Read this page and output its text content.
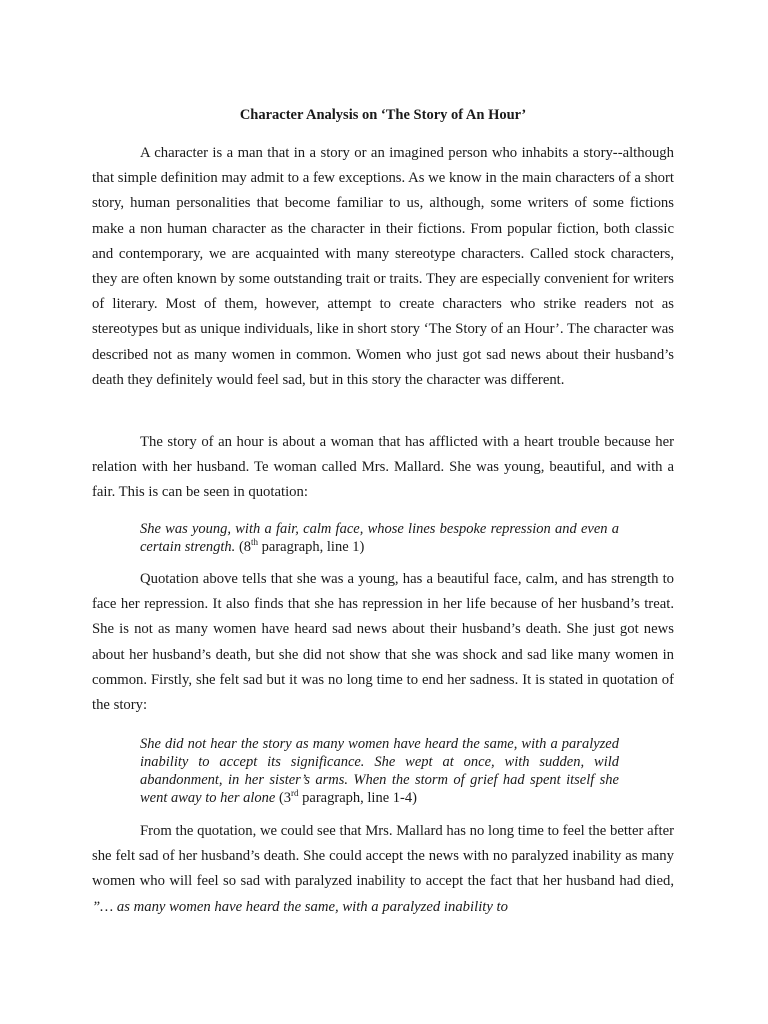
Character Analysis on ‘The Story of An Hour’

A character is a man that in a story or an imagined person who inhabits a story--although that simple definition may admit to a few exceptions. As we know in the main characters of a short story, human personalities that become familiar to us, although, some writers of some fictions make a non human character as the character in their fictions. From popular fiction, both classic and contemporary, we are acquainted with many stereotype characters. Called stock characters, they are often known by some outstanding trait or traits. They are especially convenient for writers of literary. Most of them, however, attempt to create characters who strike readers not as stereotypes but as unique individuals, like in short story ‘The Story of an Hour’. The character was described not as many women in common. Women who just got sad news about their husband’s death they definitely would feel sad, but in this story the character was different.

The story of an hour is about a woman that has afflicted with a heart trouble because her relation with her husband. Te woman called Mrs. Mallard. She was young, beautiful, and with a fair. This is can be seen in quotation:

She was young, with a fair, calm face, whose lines bespoke repression and even a certain strength. (8th paragraph, line 1)

Quotation above tells that she was a young, has a beautiful face, calm, and has strength to face her repression. It also finds that she has repression in her life because of her husband’s treat. She is not as many women have heard sad news about their husband’s death. She just got news about her husband’s death, but she did not show that she was shock and sad like many women in common. Firstly, she felt sad but it was no long time to end her sadness. It is stated in quotation of the story:

She did not hear the story as many women have heard the same, with a paralyzed inability to accept its significance. She wept at once, with sudden, wild abandonment, in her sister’s arms. When the storm of grief had spent itself she went away to her alone (3rd paragraph, line 1-4)

From the quotation, we could see that Mrs. Mallard has no long time to feel the better after she felt sad of her husband’s death. She could accept the news with no paralyzed inability as many women who will feel so sad with paralyzed inability to accept the fact that her husband had died, ”… as many women have heard the same, with a paralyzed inability to
